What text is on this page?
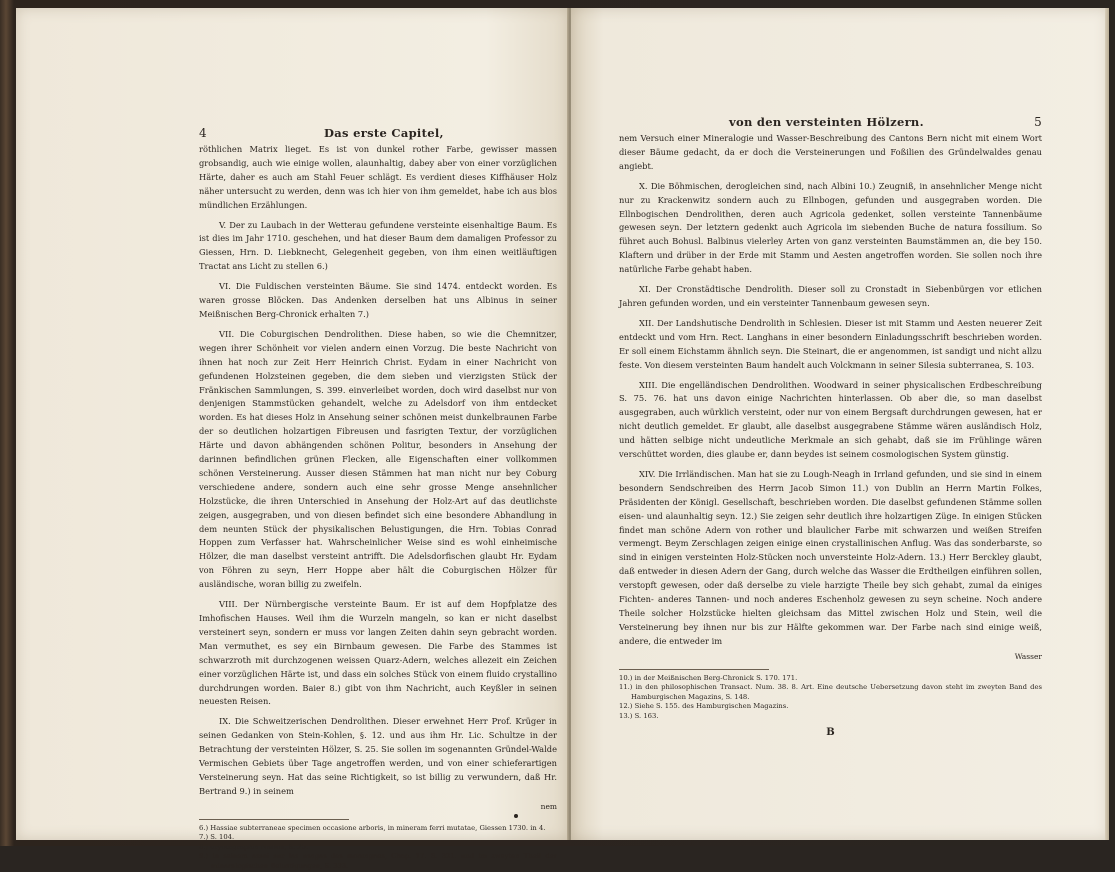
4	Das erste Capitel,

röthlichen Matrix lieget. Es ist von dunkel rother Farbe, gewisser massen grobsandig, auch wie einige wollen, alaunhaltig, dabey aber von einer vorzüglichen Härte, daher es auch am Stahl Feuer schlägt. Es verdient dieses Kiffhäuser Holz näher untersucht zu werden, denn was ich hier von ihm gemeldet, habe ich aus blos mündlichen Erzählungen.

V. Der zu Laubach in der Wetterau gefundene versteinte eisenhaltige Baum. Es ist dies im Jahr 1710. geschehen, und hat dieser Baum dem damaligen Professor zu Giessen, Hrn. D. Liebknecht, Gelegenheit gegeben, von ihm einen weitläuftigen Tractat ans Licht zu stellen 6.)

VI. Die Fuldischen versteinten Bäume. Sie sind 1474. entdeckt worden. Es waren grosse Blöcken. Das Andenken derselben hat uns Albinus in seiner Meißnischen Berg-Chronick erhalten 7.)

VII. Die Coburgischen Dendrolithen. Diese haben, so wie die Chemnitzer, wegen ihrer Schönheit vor vielen andern einen Vorzug. Die beste Nachricht von ihnen hat noch zur Zeit Herr Heinrich Christ. Eydam in einer Nachricht von gefundenen Holzsteinen gegeben, die dem sieben und vierzigsten Stück der Fränkischen Sammlungen, S. 399. einverleibet worden, doch wird daselbst nur von denjenigen Stammstücken gehandelt, welche zu Adelsdorf von ihm entdecket worden. Es hat dieses Holz in Ansehung seiner schönen meist dunkelbraunen Farbe der so deutlichen holzartigen Fibreusen und fasrigten Textur, der vorzüglichen Härte und davon abhängenden schönen Politur, besonders in Ansehung der darinnen befindlichen grünen Flecken, alle Eigenschaften einer vollkommen schönen Versteinerung. Ausser diesen Stämmen hat man nicht nur bey Coburg verschiedene andere, sondern auch eine sehr grosse Menge ansehnlicher Holzstücke, die ihren Unterschied in Ansehung der Holz-Art auf das deutlichste zeigen, ausgegraben, und von diesen befindet sich eine besondere Abhandlung in dem neunten Stück der physikalischen Belustigungen, die Hrn. Tobias Conrad Hoppen zum Verfasser hat. Wahrscheinlicher Weise sind es wohl einheimische Hölzer, die man daselbst versteint antrifft. Die Adelsdorfischen glaubt Hr. Eydam von Föhren zu seyn, Herr Hoppe aber hält die Coburgischen Hölzer für ausländische, woran billig zu zweifeln.

VIII. Der Nürnbergische versteinte Baum. Er ist auf dem Hopfplatze des Imhofischen Hauses. Weil ihm die Wurzeln mangeln, so kan er nicht daselbst versteinert seyn, sondern er muss vor langen Zeiten dahin seyn gebracht worden. Man vermuthet, es sey ein Birnbaum gewesen. Die Farbe des Stammes ist schwarzroth mit durchzogenen weissen Quarz-Adern, welches allezeit ein Zeichen einer vorzüglichen Härte ist, und dass ein solches Stück von einem fluido crystallino durchdrungen worden. Baier 8.) gibt von ihm Nachricht, auch Keyßler in seinen neuesten Reisen.

IX. Die Schweitzerischen Dendrolithen. Dieser erwehnet Herr Prof. Krüger in seinen Gedanken von Stein-Kohlen, §. 12. und aus ihm Hr. Lic. Schultze in der Betrachtung der versteinten Hölzer, S. 25. Sie sollen im sogenannten Gründel-Walde Vermischen Gebiets über Tage angetroffen werden, und von einer schieferartigen Versteinerung seyn. Hat das seine Richtigkeit, so ist billig zu verwundern, daß Hr. Bertrand 9.) in seinem

nem

6.) Hassiae subterraneae specimen occasione arboris, in mineram ferri mutatae, Giessen 1730. in 4.

7.) S. 104.

8.) oryctographia Norica, S. 25.

9.) in seinem essai sur les usages des montagnes, Chap. 17. S. 321. und im zweyten Theil der mineralogischen Belustigungen, S. 333.

von den versteinten Hölzern.	5

nem Versuch einer Mineralogie und Wasser-Beschreibung des Cantons Bern nicht mit einem Wort dieser Bäume gedacht, da er doch die Versteinerungen und Foßilien des Gründelwaldes genau angiebt.

X. Die Böhmischen, derogleichen sind, nach Albini 10.) Zeugniß, in ansehnlicher Menge nicht nur zu Krackenwitz sondern auch zu Ellnbogen, gefunden und ausgegraben worden. Die Ellnbogischen Dendrolithen, deren auch Agricola gedenket, sollen versteinte Tannenbäume gewesen seyn. Der letztern gedenkt auch Agricola im siebenden Buche de natura fossilium. So führet auch Bohusl. Balbinus vielerley Arten von ganz versteinten Baumstämmen an, die bey 150. Klaftern und drüber in der Erde mit Stamm und Aesten angetroffen worden. Sie sollen noch ihre natürliche Farbe gehabt haben.

XI. Der Cronstädtische Dendrolith. Dieser soll zu Cronstadt in Siebenbürgen vor etlichen Jahren gefunden worden, und ein versteinter Tannenbaum gewesen seyn.

XII. Der Landshutische Dendrolith in Schlesien. Dieser ist mit Stamm und Aesten neuerer Zeit entdeckt und vom Hrn. Rect. Langhans in einer besondern Einladungsschrift beschrieben worden. Er soll einem Eichstamm ähnlich seyn. Die Steinart, die er angenommen, ist sandigt und nicht allzu feste. Von diesem versteinten Baum handelt auch Volckmann in seiner Silesia subterranea, S. 103.

XIII. Die engelländischen Dendrolithen. Woodward in seiner physicalischen Erdbeschreibung S. 75. 76. hat uns davon einige Nachrichten hinterlassen. Ob aber die, so man daselbst ausgegraben, auch würklich versteint, oder nur von einem Bergsaft durchdrungen gewesen, hat er nicht deutlich gemeldet. Er glaubt, alle daselbst ausgegrabene Stämme wären ausländisch Holz, und hätten selbige nicht undeutliche Merkmale an sich gehabt, daß sie im Frühlinge wären verschüttet worden, dies glaube er, dann beydes ist seinem cosmologischen System günstig.

XIV. Die Irrländischen. Man hat sie zu Lough-Neagh in Irrland gefunden, und sie sind in einem besondern Sendschreiben des Herrn Jacob Simon 11.) von Dublin an Herrn Martin Folkes, Präsidenten der Königl. Gesellschaft, beschrieben worden. Die daselbst gefundenen Stämme sollen eisen- und alaunhaltig seyn. 12.) Sie zeigen sehr deutlich ihre holzartigen Züge. In einigen Stücken findet man schöne Adern von rother und blaulicher Farbe mit schwarzen und weißen Streifen vermengt. Beym Zerschlagen zeigen einige einen crystallinischen Anflug. Was das sonderbarste, so sind in einigen versteinten Holz-Stücken noch unversteinte Holz-Adern. 13.) Herr Berckley glaubt, daß entweder in diesen Adern der Gang, durch welche das Wasser die Erdtheilgen einführen sollen, verstopft gewesen, oder daß derselbe zu viele harzigte Theile bey sich gehabt, zumal da einiges Fichten- anderes Tannen- und noch anderes Eschenholz gewesen zu seyn scheine. Noch andere Theile solcher Holzstücke hielten gleichsam das Mittel zwischen Holz und Stein, weil die Versteinerung bey ihnen nur bis zur Hälfte gekommen war. Der Farbe nach sind einige weiß, andere, die entweder im

Wasser

10.) in der Meißnischen Berg-Chronick S. 170. 171.

11.) in den philosophischen Transact. Num. 38. 8. Art. Eine deutsche Uebersetzung davon steht im zweyten Band des Hamburgischen Magazins, S. 148.

12.) Siehe S. 155. des Hamburgischen Magazins.

13.) S. 163.

B
